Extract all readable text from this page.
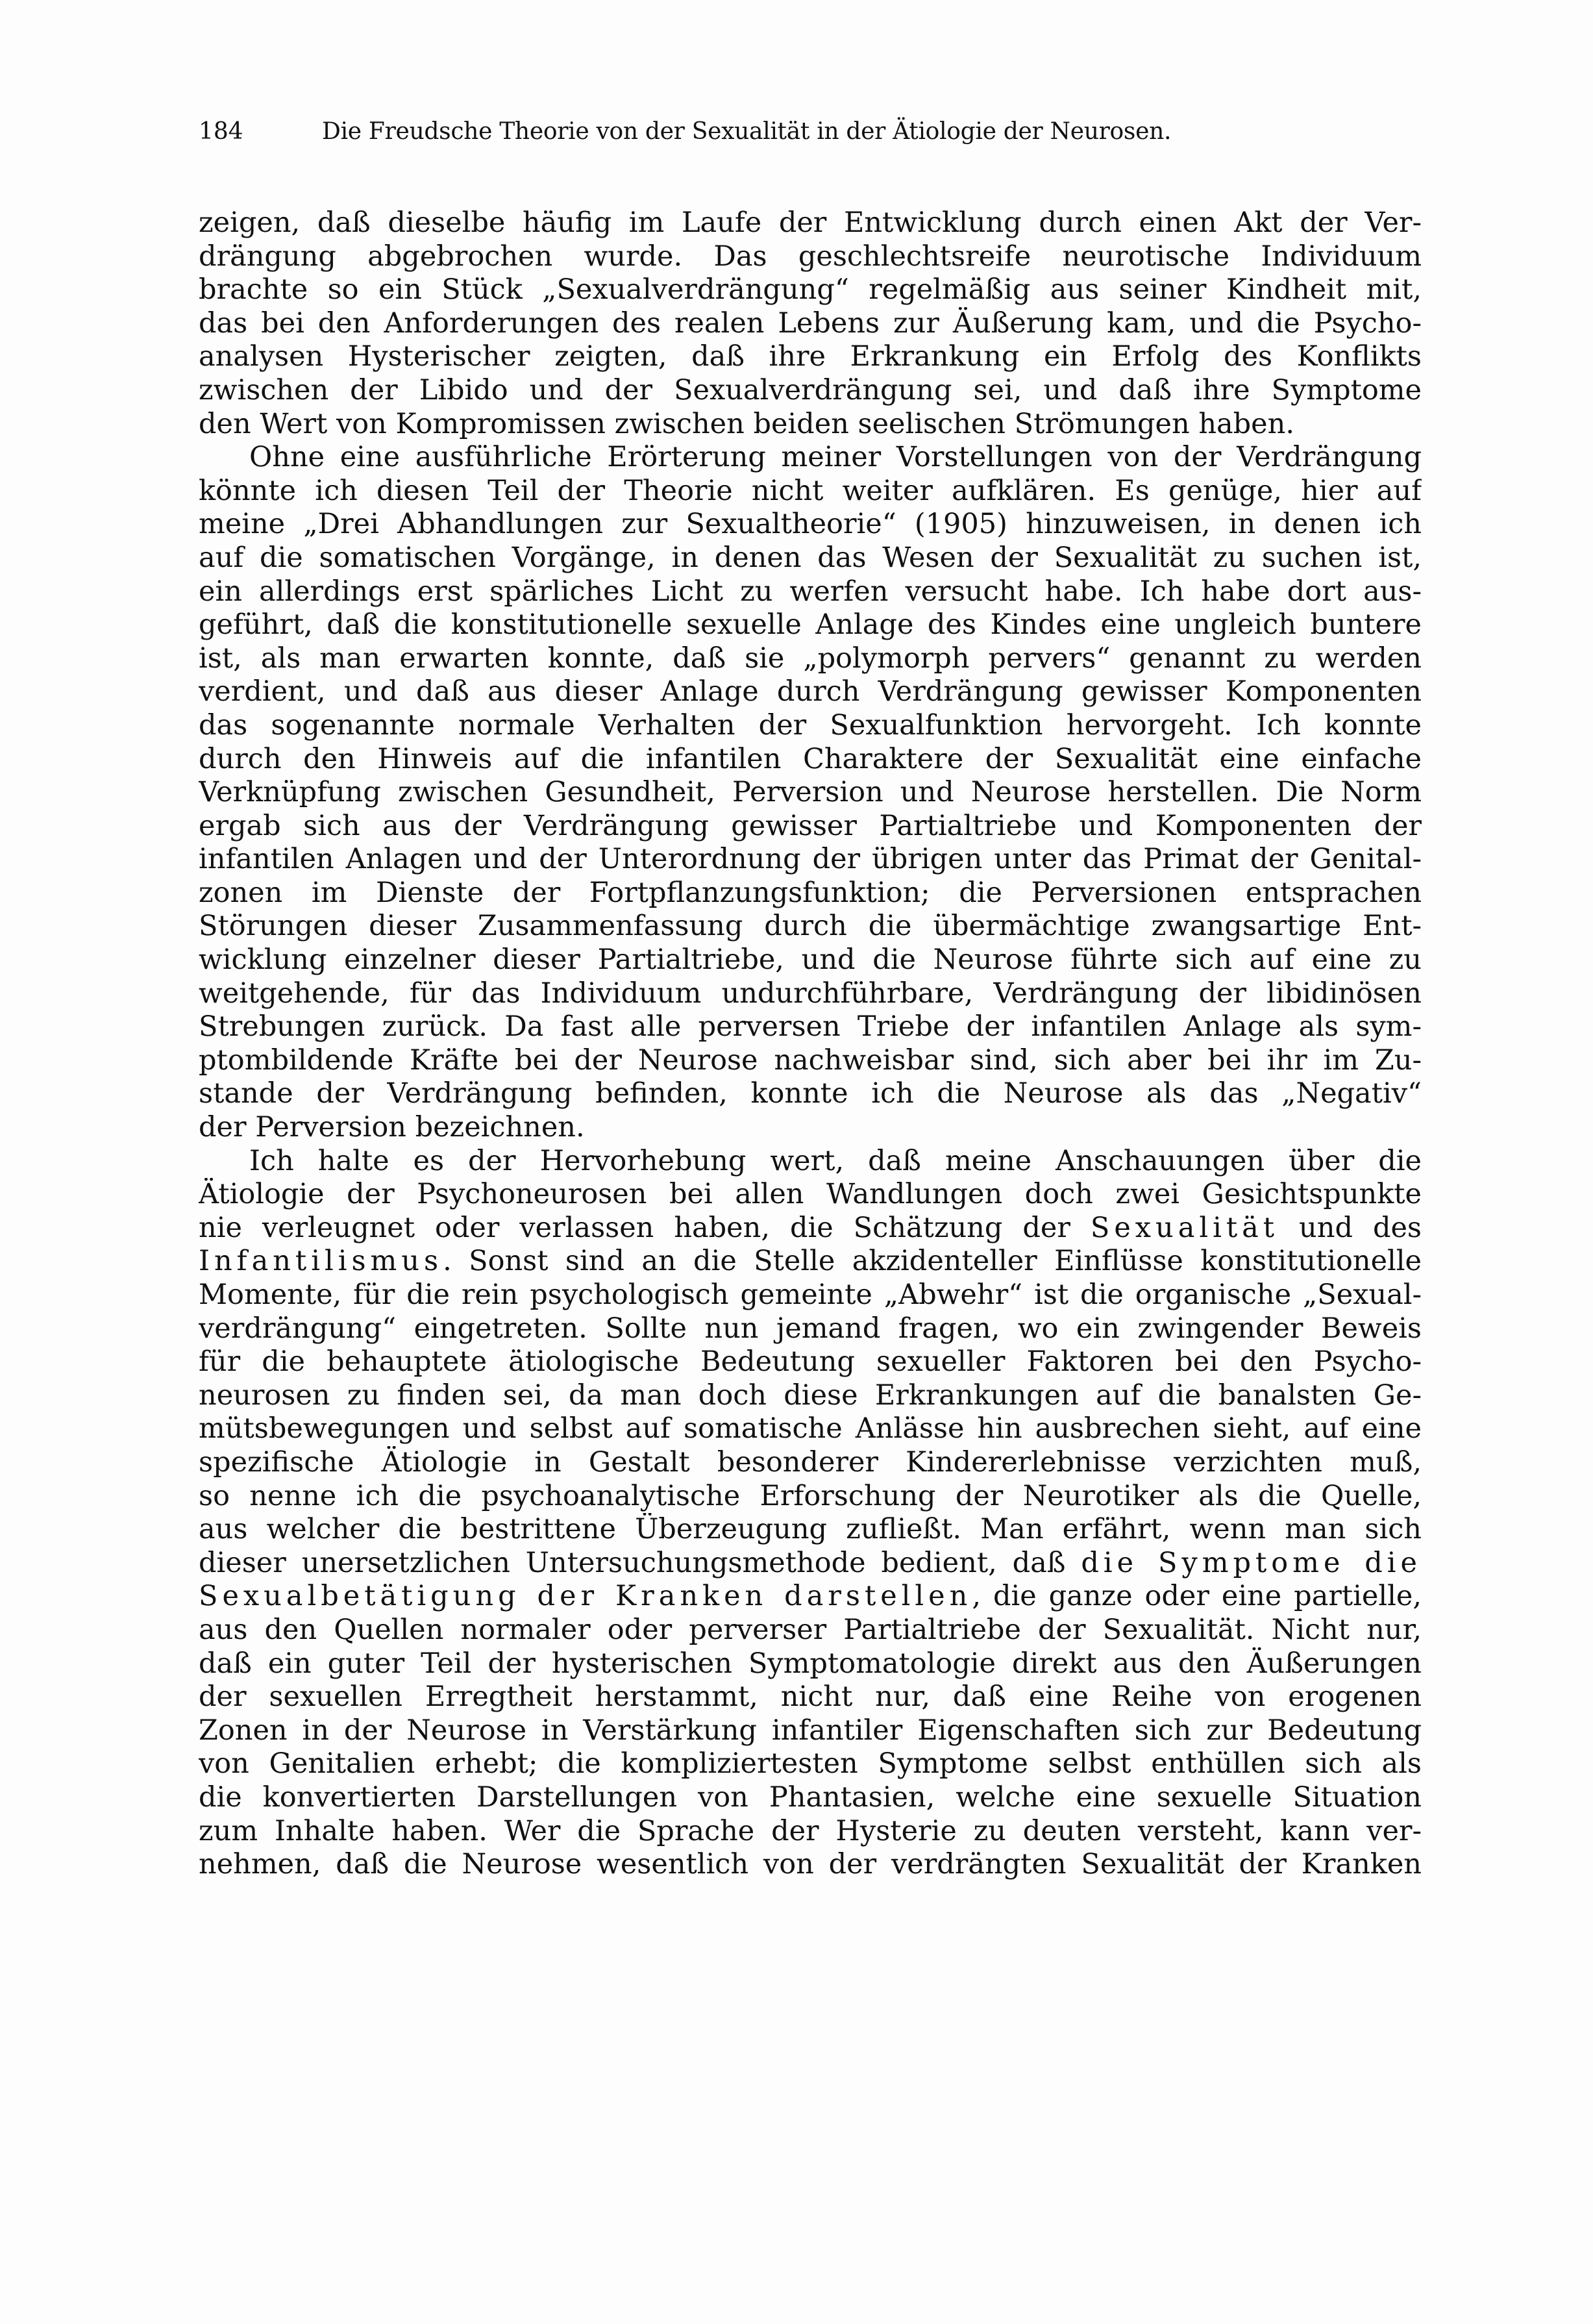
184	Die Freudsche Theorie von der Sexualität in der Ätiologie der Neurosen.
zeigen, daß dieselbe häufig im Laufe der Entwicklung durch einen Akt der Ver-
drängung abgebrochen wurde. Das geschlechtsreife neurotische Individuum
brachte so ein Stück „Sexualverdrängung“ regelmäßig aus seiner Kindheit mit,
das bei den Anforderungen des realen Lebens zur Äußerung kam, und die Psycho-
analysen Hysterischer zeigten, daß ihre Erkrankung ein Erfolg des Konflikts
zwischen der Libido und der Sexualverdrängung sei, und daß ihre Symptome
den Wert von Kompromissen zwischen beiden seelischen Strömungen haben.
Ohne eine ausführliche Erörterung meiner Vorstellungen von der Verdrängung
könnte ich diesen Teil der Theorie nicht weiter aufklären. Es genüge, hier auf
meine „Drei Abhandlungen zur Sexualtheorie“ (1905) hinzuweisen, in denen ich
auf die somatischen Vorgänge, in denen das Wesen der Sexualität zu suchen ist,
ein allerdings erst spärliches Licht zu werfen versucht habe. Ich habe dort aus-
geführt, daß die konstitutionelle sexuelle Anlage des Kindes eine ungleich buntere
ist, als man erwarten konnte, daß sie „polymorph pervers“ genannt zu werden
verdient, und daß aus dieser Anlage durch Verdrängung gewisser Komponenten
das sogenannte normale Verhalten der Sexualfunktion hervorgeht. Ich konnte
durch den Hinweis auf die infantilen Charaktere der Sexualität eine einfache
Verknüpfung zwischen Gesundheit, Perversion und Neurose herstellen. Die Norm
ergab sich aus der Verdrängung gewisser Partialtriebe und Komponenten der
infantilen Anlagen und der Unterordnung der übrigen unter das Primat der Genital-
zonen im Dienste der Fortpflanzungsfunktion; die Perversionen entsprachen
Störungen dieser Zusammenfassung durch die übermächtige zwangsartige Ent-
wicklung einzelner dieser Partialtriebe, und die Neurose führte sich auf eine zu
weitgehende, für das Individuum undurchführbare, Verdrängung der libidinösen
Strebungen zurück. Da fast alle perversen Triebe der infantilen Anlage als sym-
ptombildende Kräfte bei der Neurose nachweisbar sind, sich aber bei ihr im Zu-
stande der Verdrängung befinden, konnte ich die Neurose als das „Negativ“
der Perversion bezeichnen.
Ich halte es der Hervorhebung wert, daß meine Anschauungen über die
Ätiologie der Psychoneurosen bei allen Wandlungen doch zwei Gesichtspunkte
nie verleugnet oder verlassen haben, die Schätzung der Sexualität und des
Infantilismus. Sonst sind an die Stelle akzidenteller Einflüsse konstitutionelle
Momente, für die rein psychologisch gemeinte „Abwehr“ ist die organische „Sexual-
verdrängung“ eingetreten. Sollte nun jemand fragen, wo ein zwingender Beweis
für die behauptete ätiologische Bedeutung sexueller Faktoren bei den Psycho-
neurosen zu finden sei, da man doch diese Erkrankungen auf die banalsten Ge-
mütsbewegungen und selbst auf somatische Anlässe hin ausbrechen sieht, auf eine
spezifische Ätiologie in Gestalt besonderer Kindererlebnisse verzichten muß,
so nenne ich die psychoanalytische Erforschung der Neurotiker als die Quelle,
aus welcher die bestrittene Überzeugung zufließt. Man erfährt, wenn man sich
dieser unersetzlichen Untersuchungsmethode bedient, daß die Symptome die
Sexualbetätigung der Kranken darstellen, die ganze oder eine partielle,
aus den Quellen normaler oder perverser Partialtriebe der Sexualität. Nicht nur,
daß ein guter Teil der hysterischen Symptomatologie direkt aus den Äußerungen
der sexuellen Erregtheit herstammt, nicht nur, daß eine Reihe von erogenen
Zonen in der Neurose in Verstärkung infantiler Eigenschaften sich zur Bedeutung
von Genitalien erhebt; die kompliziertesten Symptome selbst enthüllen sich als
die konvertierten Darstellungen von Phantasien, welche eine sexuelle Situation
zum Inhalte haben. Wer die Sprache der Hysterie zu deuten versteht, kann ver-
nehmen, daß die Neurose wesentlich von der verdrängten Sexualität der Kranken
